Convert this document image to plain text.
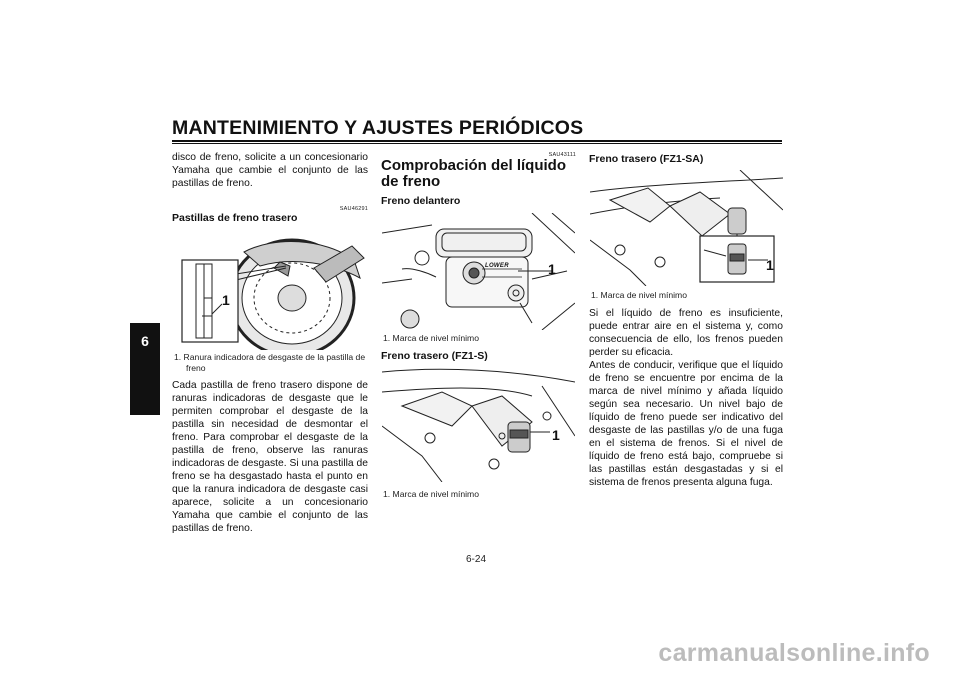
MANTENIMIENTO Y AJUSTES PERIÓDICOS
6

disco de freno, solicite a un concesionario Yamaha que cambie el conjunto de las pastillas de freno.

SAU46291
Pastillas de freno trasero
1
1. Ranura indicadora de desgaste de la pastilla de freno

Cada pastilla de freno trasero dispone de ranuras indicadoras de desgaste que le permiten comprobar el desgaste de la pastilla sin necesidad de desmontar el freno. Para comprobar el desgaste de la pastilla de freno, observe las ranuras indicadoras de desgaste. Si una pastilla de freno se ha desgastado hasta el punto en que la ranura indicadora de desgaste casi aparece, solicite a un concesionario Yamaha que cambie el conjunto de las pastillas de freno.

SAU43111
Comprobación del líquido de freno
Freno delantero
LOWER	1
1. Marca de nivel mínimo
Freno trasero (FZ1-S)
1
1. Marca de nivel mínimo
Freno trasero (FZ1-SA)
1
1. Marca de nivel mínimo

Si el líquido de freno es insuficiente, puede entrar aire en el sistema y, como consecuencia de ello, los frenos pueden perder su eficacia.

Antes de conducir, verifique que el líquido de freno se encuentre por encima de la marca de nivel mínimo y añada líquido según sea necesario. Un nivel bajo de líquido de freno puede ser indicativo del desgaste de las pastillas y/o de una fuga en el sistema de frenos. Si el nivel de líquido de freno está bajo, compruebe si las pastillas están desgastadas y si el sistema de frenos presenta alguna fuga.

6-24
carmanualsonline.info
